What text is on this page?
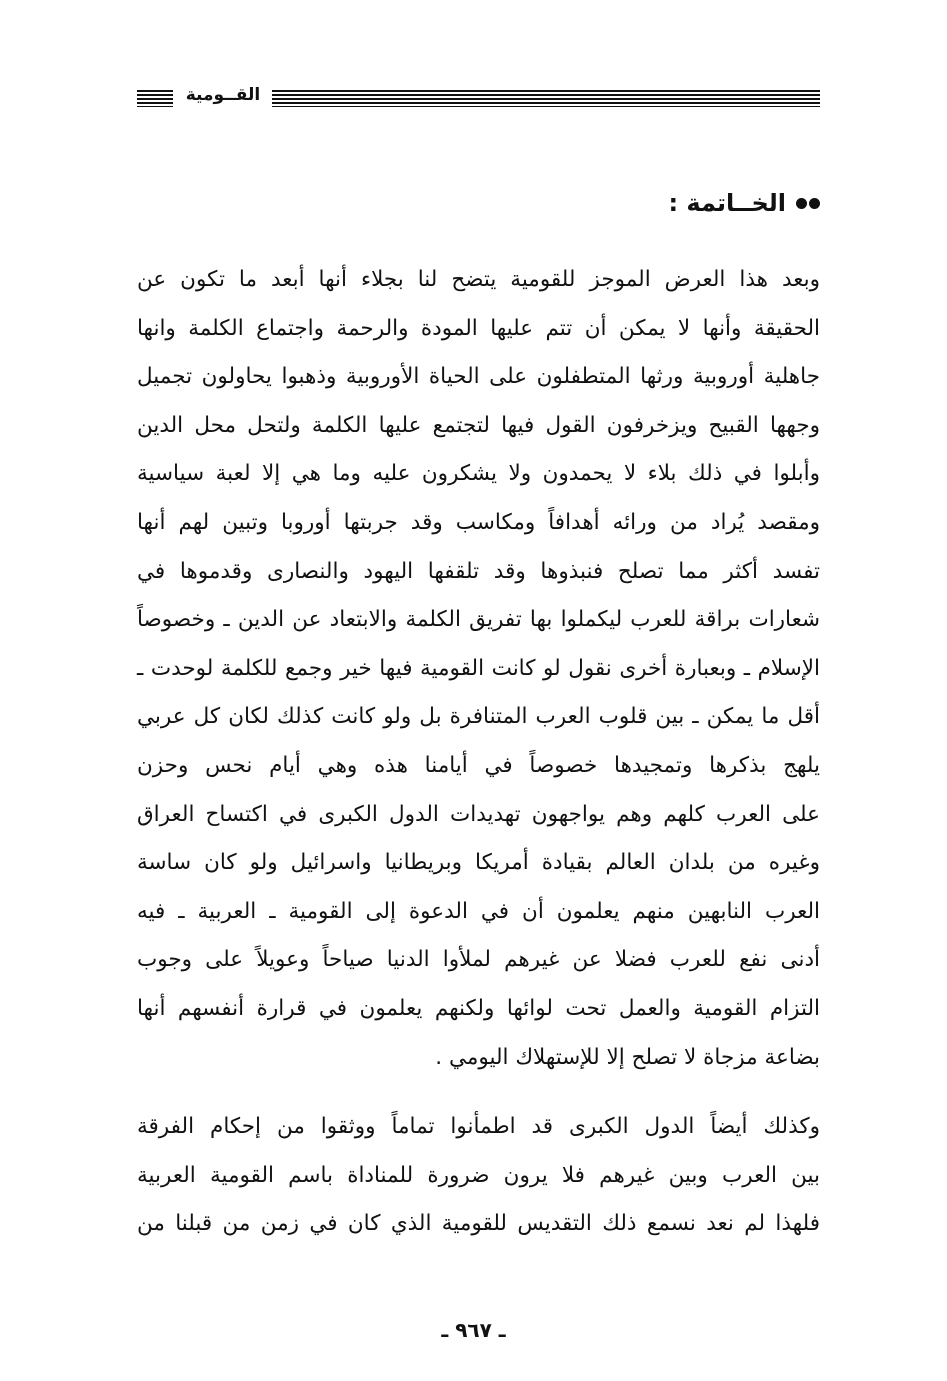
القــومية
الخــاتمة :
وبعد هذا العرض الموجز للقومية يتضح لنا بجلاء أنها أبعد ما تكون عن
الحقيقة وأنها لا يمكن أن تتم عليها المودة والرحمة واجتماع الكلمة وانها
جاهلية أوروبية ورثها المتطفلون على الحياة الأوروبية وذهبوا يحاولون تجميل
وجهها القبيح ويزخرفون القول فيها لتجتمع عليها الكلمة ولتحل محل الدين
وأبلوا في ذلك بلاء لا يحمدون ولا يشكرون عليه وما هي إلا لعبة سياسية
ومقصد يُراد من ورائه أهدافاً ومكاسب وقد جربتها أوروبا وتبين لهم أنها
تفسد أكثر مما تصلح فنبذوها وقد تلقفها اليهود والنصارى وقدموها في
شعارات براقة للعرب ليكملوا بها تفريق الكلمة والابتعاد عن الدين ـ وخصوصاً
الإسلام ـ وبعبارة أخرى نقول لو كانت القومية فيها خير وجمع للكلمة لوحدت ـ
أقل ما يمكن ـ بين قلوب العرب المتنافرة بل ولو كانت كذلك لكان كل عربي
يلهج بذكرها وتمجيدها خصوصاً في أيامنا هذه وهي أيام نحس وحزن
على العرب كلهم وهم يواجهون تهديدات الدول الكبرى في اكتساح العراق
وغيره من بلدان العالم بقيادة أمريكا وبريطانيا واسرائيل ولو كان ساسة
العرب النابهين منهم يعلمون أن في الدعوة إلى القومية ـ العربية ـ فيه
أدنى نفع للعرب فضلا عن غيرهم لملأوا الدنيا صياحاً وعويلاً على وجوب
التزام القومية والعمل تحت لوائها ولكنهم يعلمون في قرارة أنفسهم أنها
بضاعة مزجاة لا تصلح إلا للإستهلاك اليومي .
وكذلك أيضاً الدول الكبرى قد اطمأنوا تماماً ووثقوا من إحكام الفرقة
بين العرب وبين غيرهم فلا يرون ضرورة للمناداة باسم القومية العربية
فلهذا لم نعد نسمع ذلك التقديس للقومية الذي كان في زمن من قبلنا من
ـ ٩٦٧ ـ
